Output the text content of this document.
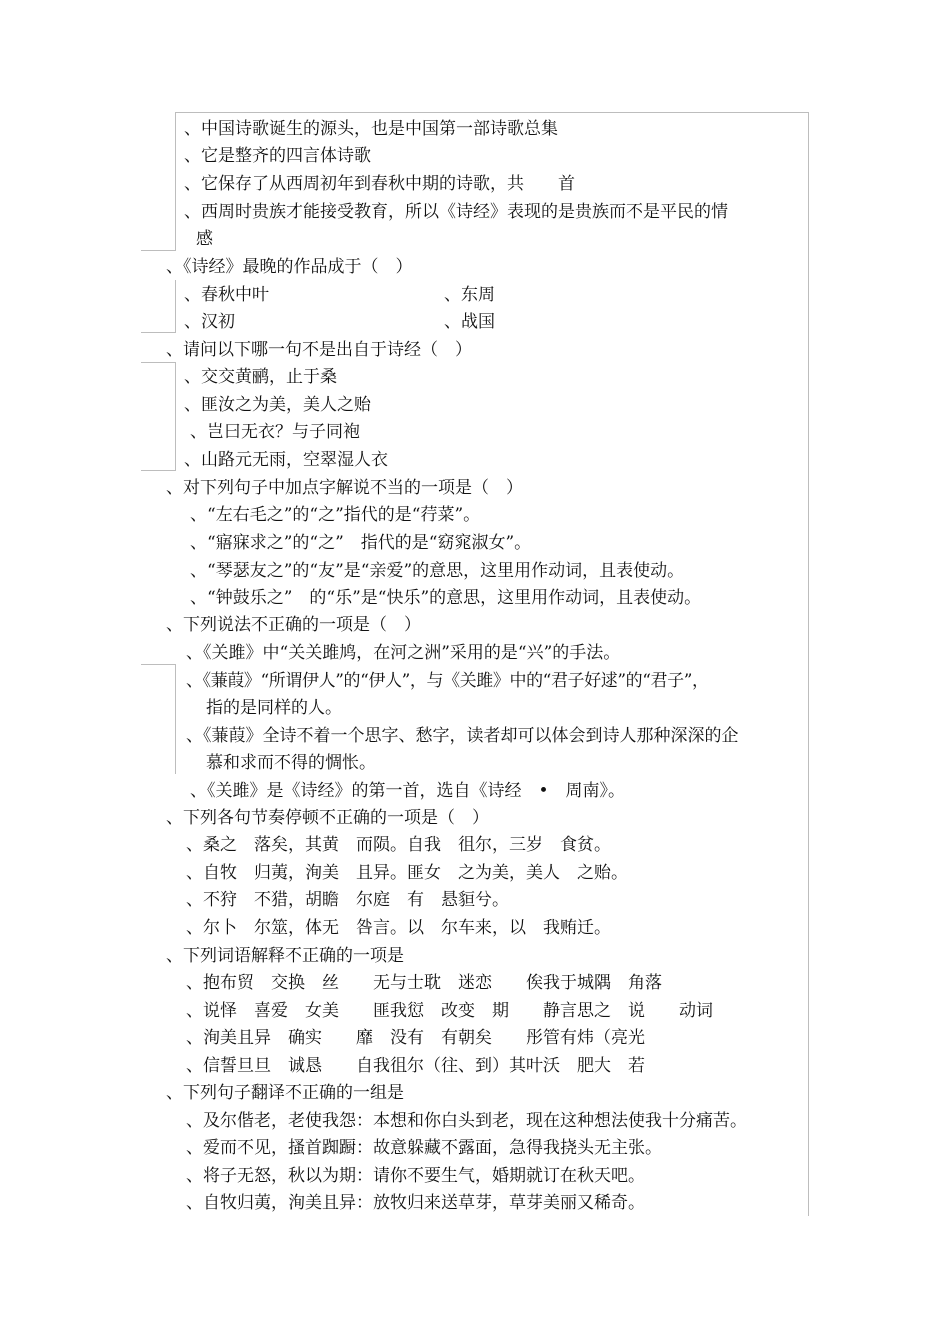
、中国诗歌诞生的源头，也是中国第一部诗歌总集
、它是整齐的四言体诗歌
、它保存了从西周初年到春秋中期的诗歌，共　　首
、西周时贵族才能接受教育，所以《诗经》表现的是贵族而不是平民的情
感
、《诗经》最晚的作品成于（　）
、春秋中叶	、东周
、汉初	、战国
、请问以下哪一句不是出自于诗经（　）
、交交黄鹂，止于桑
、匪汝之为美，美人之贻
、岂曰无衣？与子同袍
、山路元无雨，空翠湿人衣
、对下列句子中加点字解说不当的一项是（　）
、“左右毛之”的“之”指代的是“荇菜”。
、“寤寐求之”的“之”　指代的是“窈窕淑女”。
、“琴瑟友之”的“友”是“亲爱”的意思，这里用作动词，且表使动。
、“钟鼓乐之”　的“乐”是“快乐”的意思，这里用作动词，且表使动。
、下列说法不正确的一项是（　）
、《关雎》中“关关雎鸠，在河之洲”采用的是“兴”的手法。
、《蒹葭》“所谓伊人”的“伊人”，与《关雎》中的“君子好逑”的“君子”，
指的是同样的人。
、《蒹葭》全诗不着一个思字、愁字，读者却可以体会到诗人那种深深的企
慕和求而不得的惆怅。
、《关雎》是《诗经》的第一首，选自《诗经　•　周南》。
、下列各句节奏停顿不正确的一项是（　）
、桑之　落矣，其黄　而陨。自我　徂尔，三岁　食贫。
、自牧　归荑，洵美　且异。匪女　之为美，美人　之贻。
、不狩　不猎，胡瞻　尔庭　有　悬貆兮。
、尔卜　尔筮，体无　咎言。以　尔车来，以　我贿迁。
、下列词语解释不正确的一项是
、抱布贸　交换　丝　　无与士耽　迷恋　　俟我于城隅　角落
、说怿　喜爱　女美　　匪我愆　改变　期　　静言思之　说　　动词
、洵美且异　确实　　靡　没有　有朝矣　　彤管有炜（亮光
、信誓旦旦　诚恳　　自我徂尔（往、到）其叶沃　肥大　若
、下列句子翻译不正确的一组是
、及尔偕老，老使我怨：本想和你白头到老，现在这种想法使我十分痛苦。
、爱而不见，搔首踟蹰：故意躲藏不露面，急得我挠头无主张。
、将子无怒，秋以为期：请你不要生气，婚期就订在秋天吧。
、自牧归荑，洵美且异：放牧归来送草芽，草芽美丽又稀奇。
